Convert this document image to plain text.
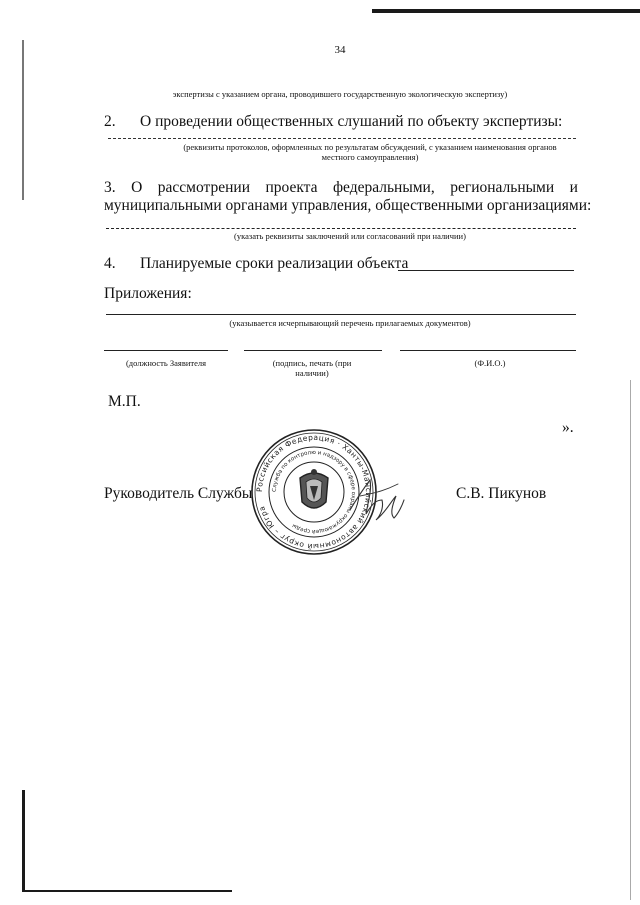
34
экспертизы с указанием органа, проводившего государственную экологическую экспертизу)
2. О проведении общественных слушаний по объекту экспертизы:
(реквизиты протоколов, оформленных по результатам обсуждений, с указанием наименования органов местного самоуправления)
3. О рассмотрении проекта федеральными, региональными и
муниципальными органами управления, общественными организациями:
(указать реквизиты заключений или согласований при наличии)
4. Планируемые сроки реализации объекта
Приложения:
(указывается исчерпывающий перечень прилагаемых документов)
(должность Заявителя	(подпись, печать (при наличии)
(Ф.И.О.)
М.П.
».
Руководитель Службы	С.В. Пикунов
Российская Федерация · Ханты-Мансийский автономный округ – Югра
Служба по контролю и надзору в сфере охраны окружающей среды
